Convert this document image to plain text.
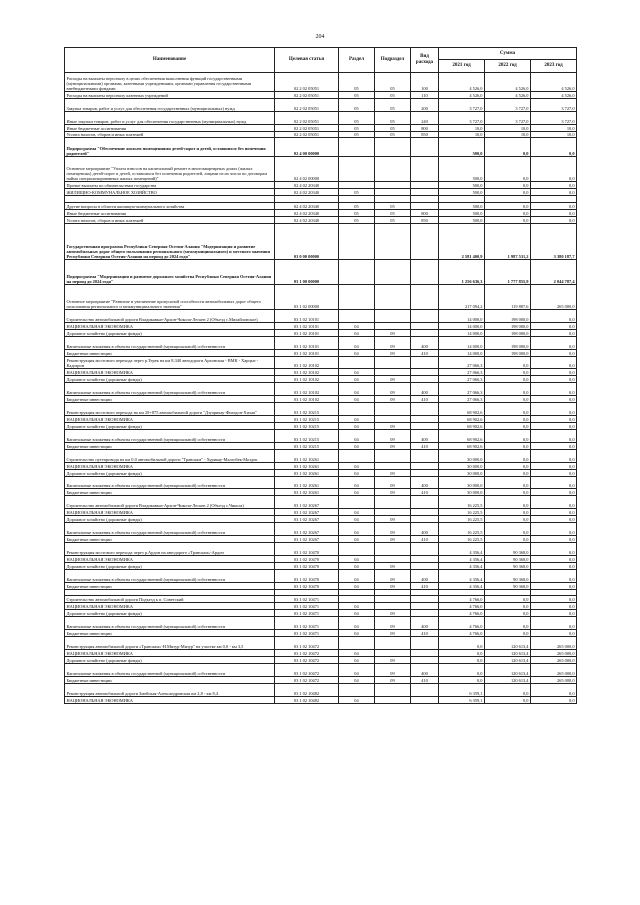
204
Наименование	Целевая статья	Раздел	Подраздел	Вид расхода	Сумма		
					2021 год	2022 год	2023 год
Расходы на выплаты персоналу в целях обеспечения выполнения функций государственными (муниципальными) органами, казенными учреждениями, органами управления государственными внебюджетными фондами	02 2 02 05051	05	05	100	4 526,0	4 526,0	4 526,0
Расходы на выплаты персоналу казенных учреждений	02 2 02 05051	05	05	110	4 526,0	4 526,0	4 526,0
Закупка товаров, работ и услуг для обеспечения государственных (муниципальных) нужд	02 2 02 05051	05	05	200	3 727,0	3 727,0	3 727,0
Иные закупки товаров, работ и услуг для обеспечения государственных (муниципальных) нужд	02 2 02 05051	05	05	240	3 727,0	3 727,0	3 727,0
Иные бюджетные ассигнования	02 2 02 05051	05	05	800	10,0	10,0	10,0
Уплата налогов, сборов и иных платежей	02 2 02 05051	05	05	850	10,0	10,0	10,0
Подпрограмма "Обеспечение жильем помещениями детей-сирот и детей, оставшихся без попечения родителей"	02 4 00 00000				500,0	0,0	0,0
Основное мероприятие "Уплата взносов на капитальный ремонт в многоквартирных домах (жилых помещениях) детей-сирот и детей, оставшихся без попечения родителей, лицами из их числа по договорам найма специализированных жилых помещений)"	02 4 02 00000				500,0	0,0	0,0
Прочие выплаты по обязательствам государства	02 4 02 20340				500,0	0,0	0,0
ЖИЛИЩНО-КОММУНАЛЬНОЕ ХОЗЯЙСТВО	02 4 02 20340	05			500,0	0,0	0,0

Другие вопросы в области жилищно-коммунального хозяйства	02 4 02 20340	05	05		500,0	0,0	0,0
Иные бюджетные ассигнования	02 4 02 20340	05	05	800	500,0	0,0	0,0
Уплата налогов, сборов и иных платежей	02 4 02 20340	05	05	850	500,0	0,0	0,0
Государственная программа Республики Северная Осетия-Алания "Модернизация и развитие автомобильных дорог общего пользования регионального (межмуниципального) и местного значения Республики Северная Осетия-Алания на период до 2024 года"	03 0 00 00000				2 581 400,9	1 987 531,2	3 380 187,7
Подпрограмма "Модернизация и развитие дорожного хозяйства Республики Северная Осетия-Алания на период до 2024 года"	03 1 00 00000				1 256 636,3	1 777 855,9	2 044 787,4
Основное мероприятие "Развитие и увеличение пропускной способности автомобильных дорог общего пользования регионального и межмуниципального значения"	03 1 02 00000				217 094,2	119 887,6	265 000,0
Строительство автомобильной дороги Владикавказ-Архон-Чикола-Лескен 2 (Объезд с.Михайловское)	03 1 02 10101				14 000,0	198 000,0	0,0
НАЦИОНАЛЬНАЯ ЭКОНОМИКА	03 1 02 10101	04			14 000,0	198 000,0	0,0
Дорожное хозяйство (дорожные фонды)	03 1 02 10101	04	09		14 000,0	198 000,0	0,0
Капитальные вложения в объекты государственной (муниципальной) собственности	03 1 02 10101	04	09	400	14 000,0	198 000,0	0,0
Бюджетные инвестиции	03 1 02 10101	04	09	410	14 000,0	198 000,0	0,0
Реконструкция мостового перехода через р.Терек на км 8,340 автодороги Архонская - ВМК - Харцыз - Кадгарон	03 1 02 10102				27 066,3	0,0	0,0
НАЦИОНАЛЬНАЯ ЭКОНОМИКА	03 1 02 10102	04			27 066,3	0,0	0,0
Дорожное хозяйство (дорожные фонды)	03 1 02 10102	04	09		27 066,3	0,0	0,0
Капитальные вложения в объекты государственной (муниципальной) собственности	03 1 02 10102	04	09	400	27 066,3	0,0	0,0
Бюджетные инвестиции	03 1 02 10102	04	09	410	27 066,3	0,0	0,0
Реконструкция мостового перехода на км 29+875 автомобильной дороги "Дзуарикау-Фиагдон-Хилак"	03 1 02 10215				68 902,6	0,0	0,0
НАЦИОНАЛЬНАЯ ЭКОНОМИКА	03 1 02 10215	04			68 902,6	0,0	0,0
Дорожное хозяйство (дорожные фонды)	03 1 02 10215	04	09		68 902,6	0,0	0,0
Капитальные вложения в объекты государственной (муниципальной) собственности	03 1 02 10215	04	09	400	68 902,6	0,0	0,0
Бюджетные инвестиции	03 1 02 10215	04	09	410	68 902,6	0,0	0,0
Строительство путепровода на км 0.0 автомобильной дороги "Транскам" - Хурикау-Малгобек-Моздок	03 1 02 10261				30 000,0	0,0	0,0
НАЦИОНАЛЬНАЯ ЭКОНОМИКА	03 1 02 10261	04			30 000,0	0,0	0,0
Дорожное хозяйство (дорожные фонды)	03 1 02 10261	04	09		30 000,0	0,0	0,0
Капитальные вложения в объекты государственной (муниципальной) собственности	03 1 02 10261	04	09	400	30 000,0	0,0	0,0
Бюджетные инвестиции	03 1 02 10261	04	09	410	30 000,0	0,0	0,0
Строительство автомобильной дороги Владикавказ-Архон-Чикола-Лескен 2 (Объезд с.Чикола)	03 1 02 10267				16 225,5	0,0	0,0
НАЦИОНАЛЬНАЯ ЭКОНОМИКА	03 1 02 10267	04			16 225,5	0,0	0,0
Дорожное хозяйство (дорожные фонды)	03 1 02 10267	04	09		16 225,5	0,0	0,0
Капитальные вложения в объекты государственной (муниципальной) собственности	03 1 02 10267	04	09	400	16 225,5	0,0	0,0
Бюджетные инвестиции	03 1 02 10267	04	09	410	16 225,5	0,0	0,0
Реконструкция мостового перехода через р.Ардон на автодороге «Транскам»-Ардон	03 1 02 10470				4 356,4	90 368,0	0,0
НАЦИОНАЛЬНАЯ ЭКОНОМИКА	03 1 02 10470	04			4 356,4	90 368,0	0,0
Дорожное хозяйство (дорожные фонды)	03 1 02 10470	04	09		4 356,4	90 368,0	0,0
Капитальные вложения в объекты государственной (муниципальной) собственности	03 1 02 10470	04	09	400	4 356,4	90 368,0	0,0
Бюджетные инвестиции	03 1 02 10470	04	09	410	4 356,4	90 368,0	0,0

Строительство автомобильной дороги Подъезд к п. Советский	03 1 02 10471				4 766,0	0,0	0,0
НАЦИОНАЛЬНАЯ ЭКОНОМИКА	03 1 02 10471	04			4 766,0	0,0	0,0
Дорожное хозяйство (дорожные фонды)	03 1 02 10471	04	09		4 766,0	0,0	0,0
Капитальные вложения в объекты государственной (муниципальной) собственности	03 1 02 10471	04	09	400	4 766,0	0,0	0,0
Бюджетные инвестиции	03 1 02 10471	04	09	410	4 766,0	0,0	0,0
Реконструкция автомобильной дороги «Транскам»-Н.Мизур-Мизур" на участке км 0,0 - км 3,5	03 1 02 10472				0,0	120 613,4	265 000,0
НАЦИОНАЛЬНАЯ ЭКОНОМИКА	03 1 02 10472	04			0,0	120 613,4	265 000,0
Дорожное хозяйство (дорожные фонды)	03 1 02 10472	04	09		0,0	120 613,4	265 000,0
Капитальные вложения в объекты государственной (муниципальной) собственности	03 1 02 10472	04	09	400	0,0	120 613,4	265 000,0
Бюджетные инвестиции	03 1 02 10472	04	09	410	0,0	120 613,4	265 000,0
Реконструкция автомобильной дороги Змейская-Александровская км 2,8 - км 8,4	03 1 02 10482				6 359,1	0,0	0,0
НАЦИОНАЛЬНАЯ ЭКОНОМИКА	03 1 02 10482	04			6 359,1	0,0	0,0
